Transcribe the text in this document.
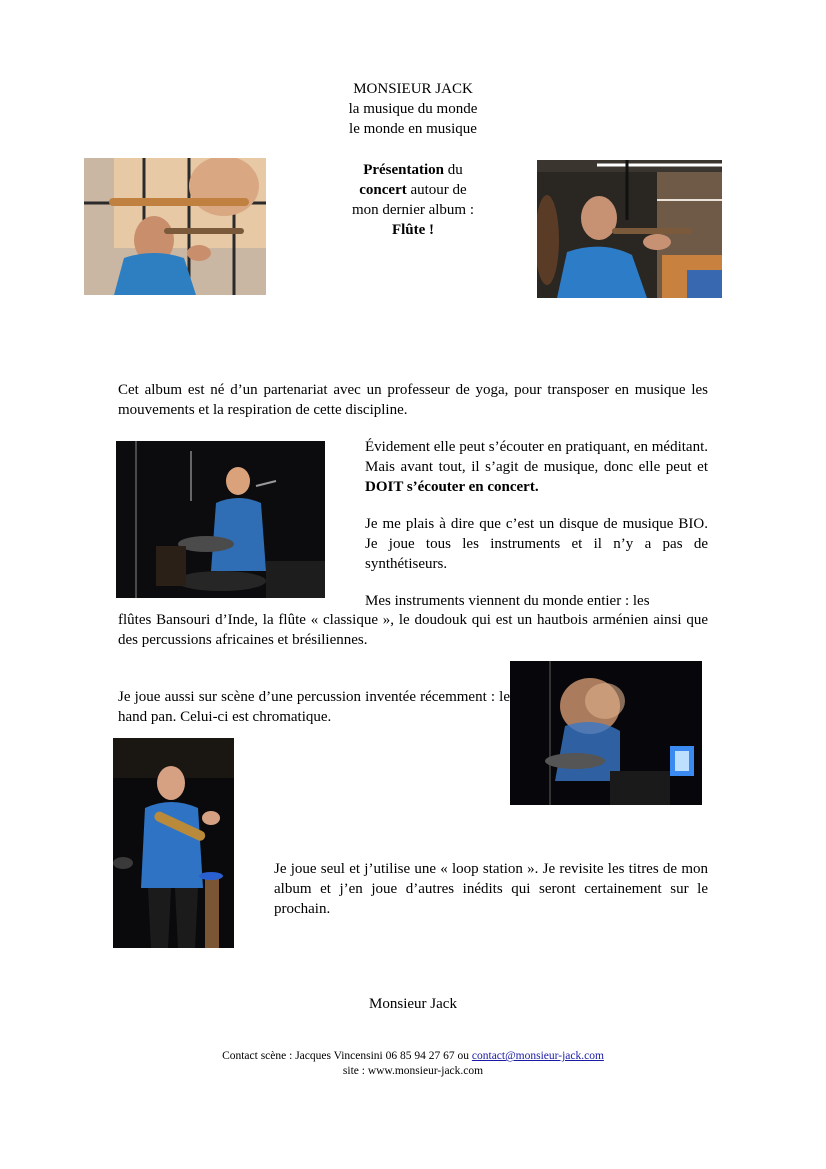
MONSIEUR JACK
la musique du monde
le monde en musique
Présentation du
concert autour de
mon dernier album :
Flûte !
Cet album est né d’un partenariat avec un professeur de yoga, pour transposer en musique les mouvements et la respiration de cette discipline.
Évidement elle peut s’écouter en pratiquant, en méditant. Mais avant tout, il s’agit de musique, donc elle peut et DOIT s’écouter en concert.
Je me plais à dire que c’est un disque de musique BIO. Je joue tous les instruments et il n’y a pas de synthétiseurs.
Mes instruments viennent du monde entier : les
flûtes Bansouri d’Inde, la flûte « classique », le doudouk qui est un hautbois arménien ainsi que des percussions africaines et brésiliennes.
Je joue aussi sur scène d’une percussion inventée récemment : le hand pan. Celui-ci est chromatique.
Je joue seul et j’utilise une « loop station ». Je revisite les titres de mon album et j’en joue d’autres inédits qui seront certainement sur le prochain.
Monsieur Jack
Contact scène : Jacques Vincensini 06 85 94 27 67 ou contact@monsieur-jack.com
site : www.monsieur-jack.com
